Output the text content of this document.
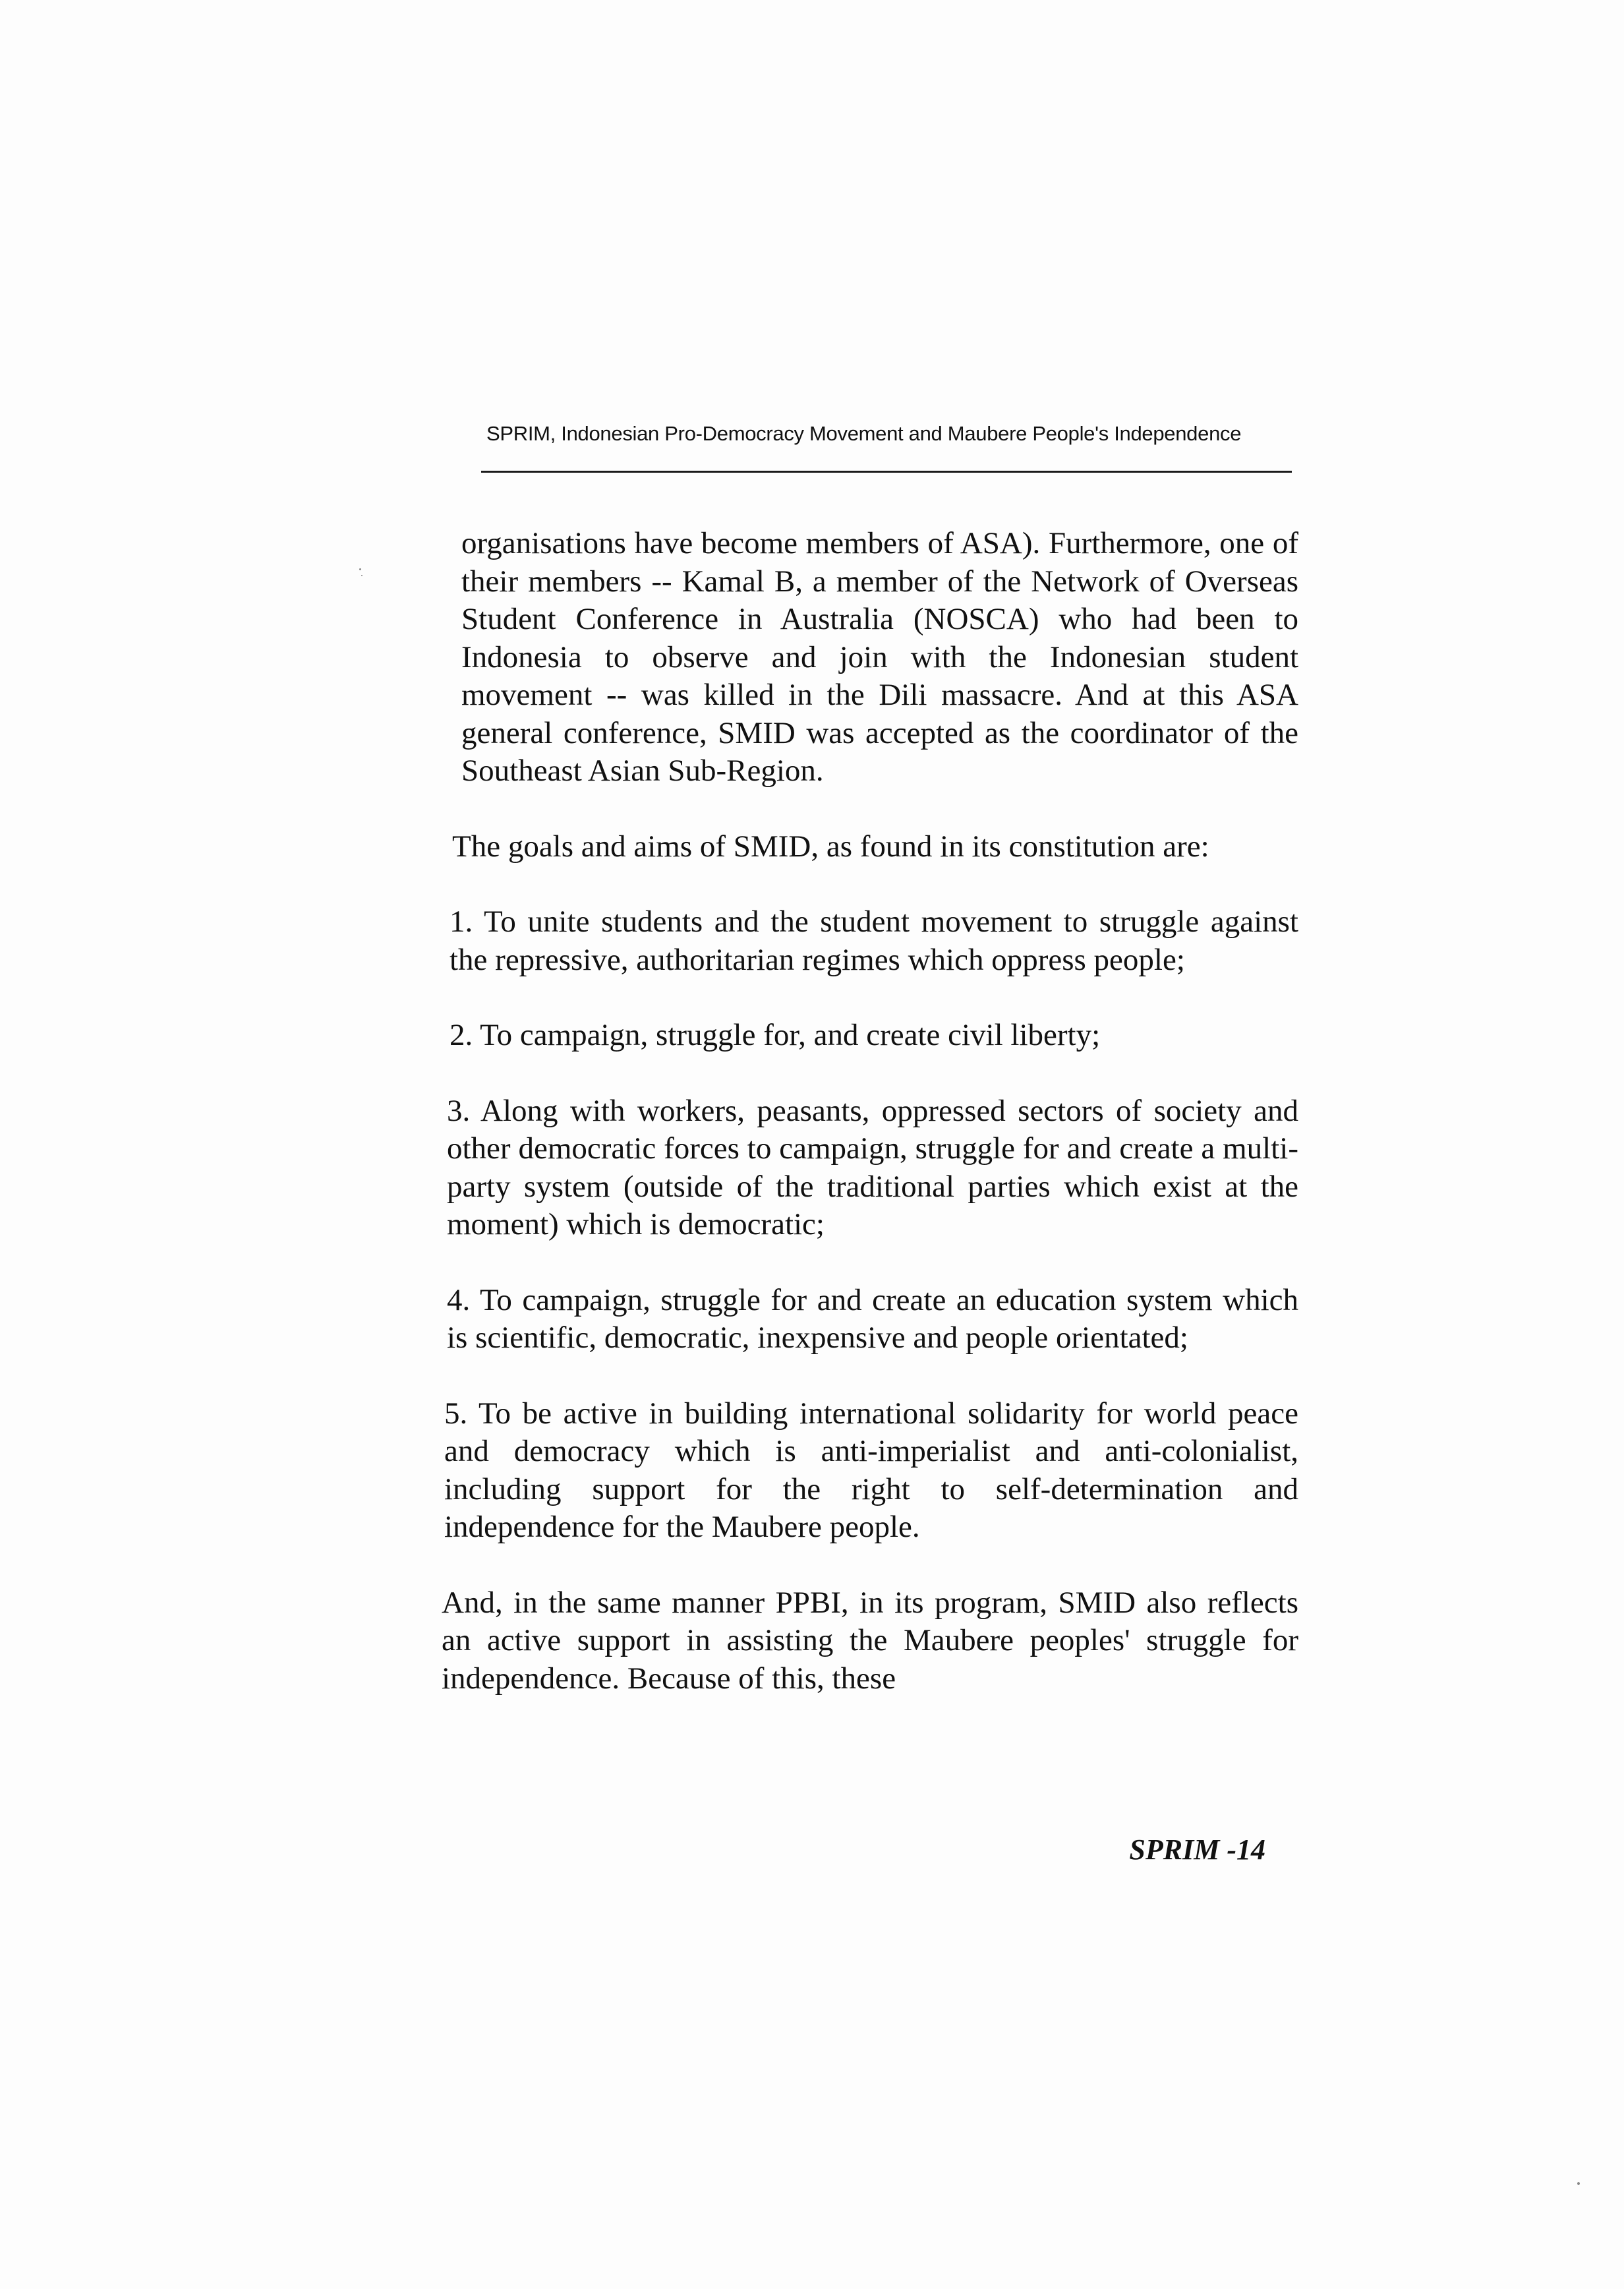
SPRIM, Indonesian Pro-Democracy Movement and Maubere People's Independence

organisations have become members of ASA). Furthermore, one of their members -- Kamal B, a member of the Network of Overseas Student Conference in Australia (NOSCA) who had been to Indonesia to observe and join with the Indonesian student movement -- was killed in the Dili massacre. And at this ASA general conference, SMID was accepted as the coordinator of the Southeast Asian Sub-Region.

The goals and aims of SMID, as found in its constitution are:

1. To unite students and the student movement to struggle against the repressive, authoritarian regimes which oppress people;

2. To campaign, struggle for, and create civil liberty;

3. Along with workers, peasants, oppressed sectors of society and other democratic forces to campaign, struggle for and create a multi-party system (outside of the traditional parties which exist at the moment) which is democratic;

4. To campaign, struggle for and create an education system which is scientific, democratic, inexpensive and people orientated;

5. To be active in building international solidarity for world peace and democracy which is anti-imperialist and anti-colonialist, including support for the right to self-determination and independence for the Maubere people.

And, in the same manner PPBI, in its program, SMID also reflects an active support in assisting the Maubere peoples' struggle for independence. Because of this, these

SPRIM -14
